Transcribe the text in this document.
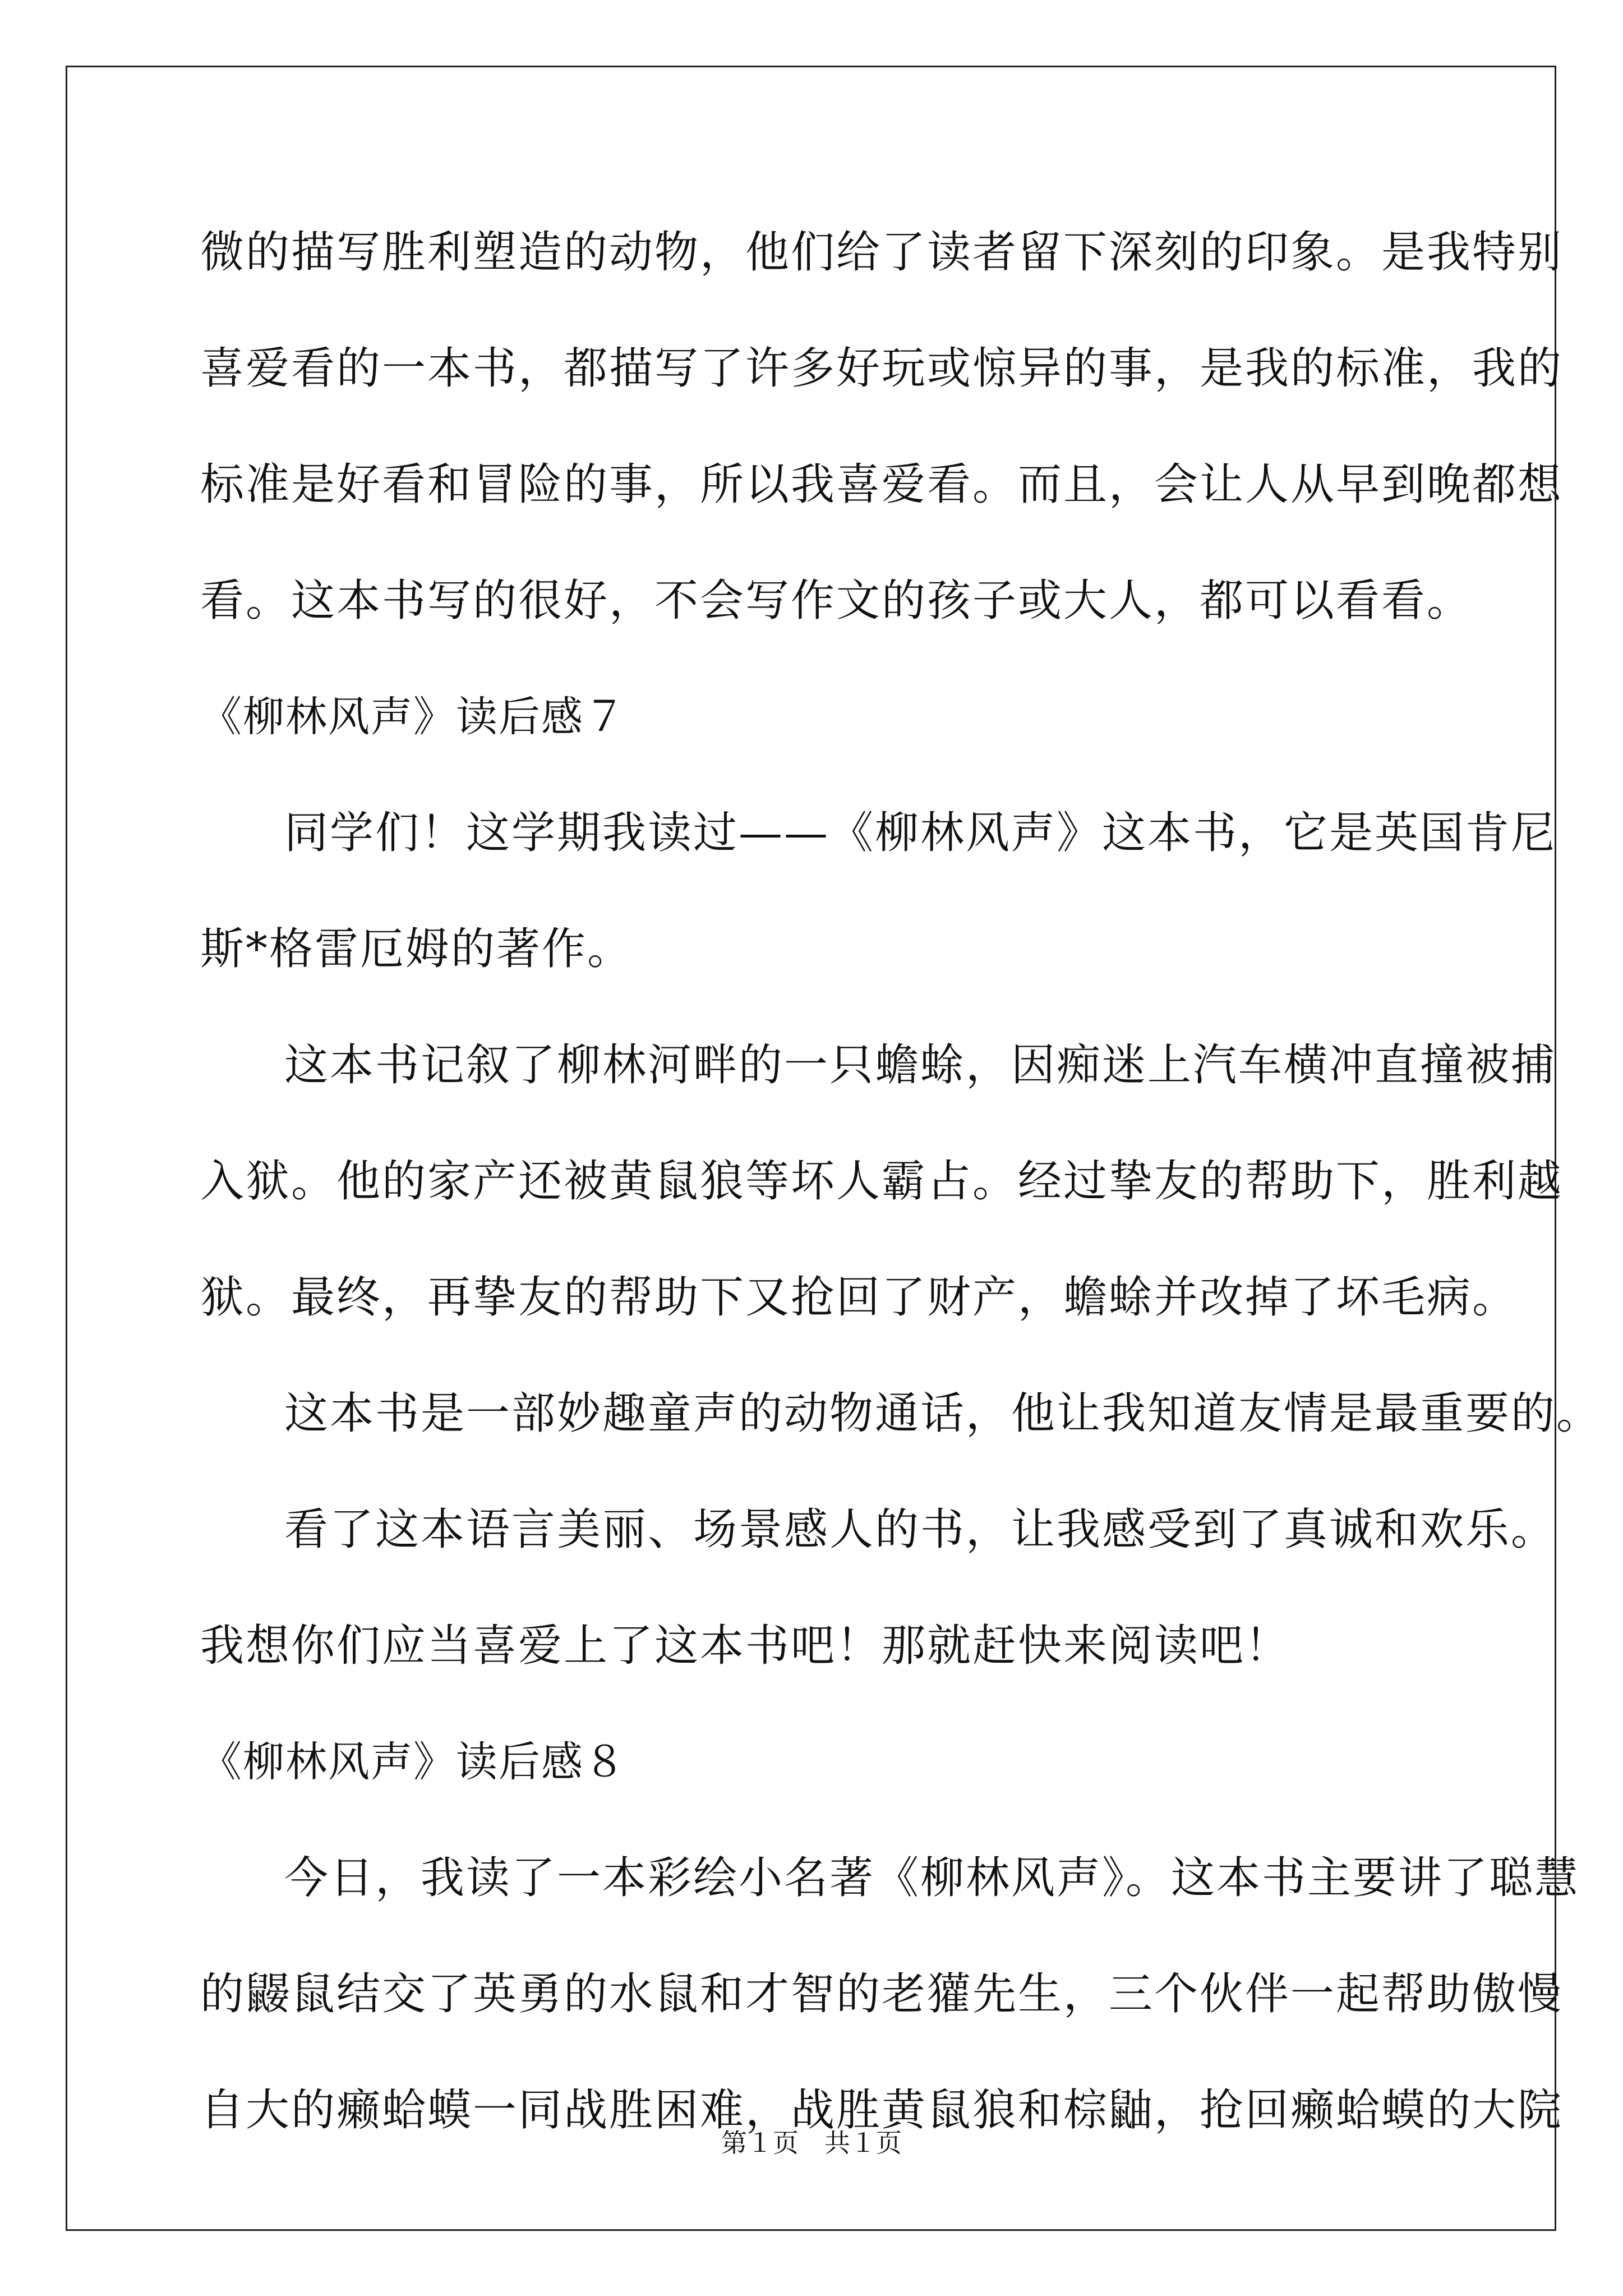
微的描写胜利塑造的动物，他们给了读者留下深刻的印象。是我特别
喜爱看的一本书，都描写了许多好玩或惊异的事，是我的标准，我的
标准是好看和冒险的事，所以我喜爱看。而且，会让人从早到晚都想
看。这本书写的很好，不会写作文的孩子或大人，都可以看看。
《柳林风声》读后感７
同学们！这学期我读过——《柳林风声》这本书，它是英国肯尼
斯*格雷厄姆的著作。
这本书记叙了柳林河畔的一只蟾蜍，因痴迷上汽车横冲直撞被捕
入狱。他的家产还被黄鼠狼等坏人霸占。经过挚友的帮助下，胜利越
狱。最终，再挚友的帮助下又抢回了财产，蟾蜍并改掉了坏毛病。
这本书是一部妙趣童声的动物通话，他让我知道友情是最重要的。
看了这本语言美丽、场景感人的书，让我感受到了真诚和欢乐。
我想你们应当喜爱上了这本书吧！那就赶快来阅读吧！
《柳林风声》读后感８
今日，我读了一本彩绘小名著《柳林风声》。这本书主要讲了聪慧
的鼹鼠结交了英勇的水鼠和才智的老獾先生，三个伙伴一起帮助傲慢
自大的癞蛤蟆一同战胜困难，战胜黄鼠狼和棕鼬，抢回癞蛤蟆的大院
第１页　共１页
